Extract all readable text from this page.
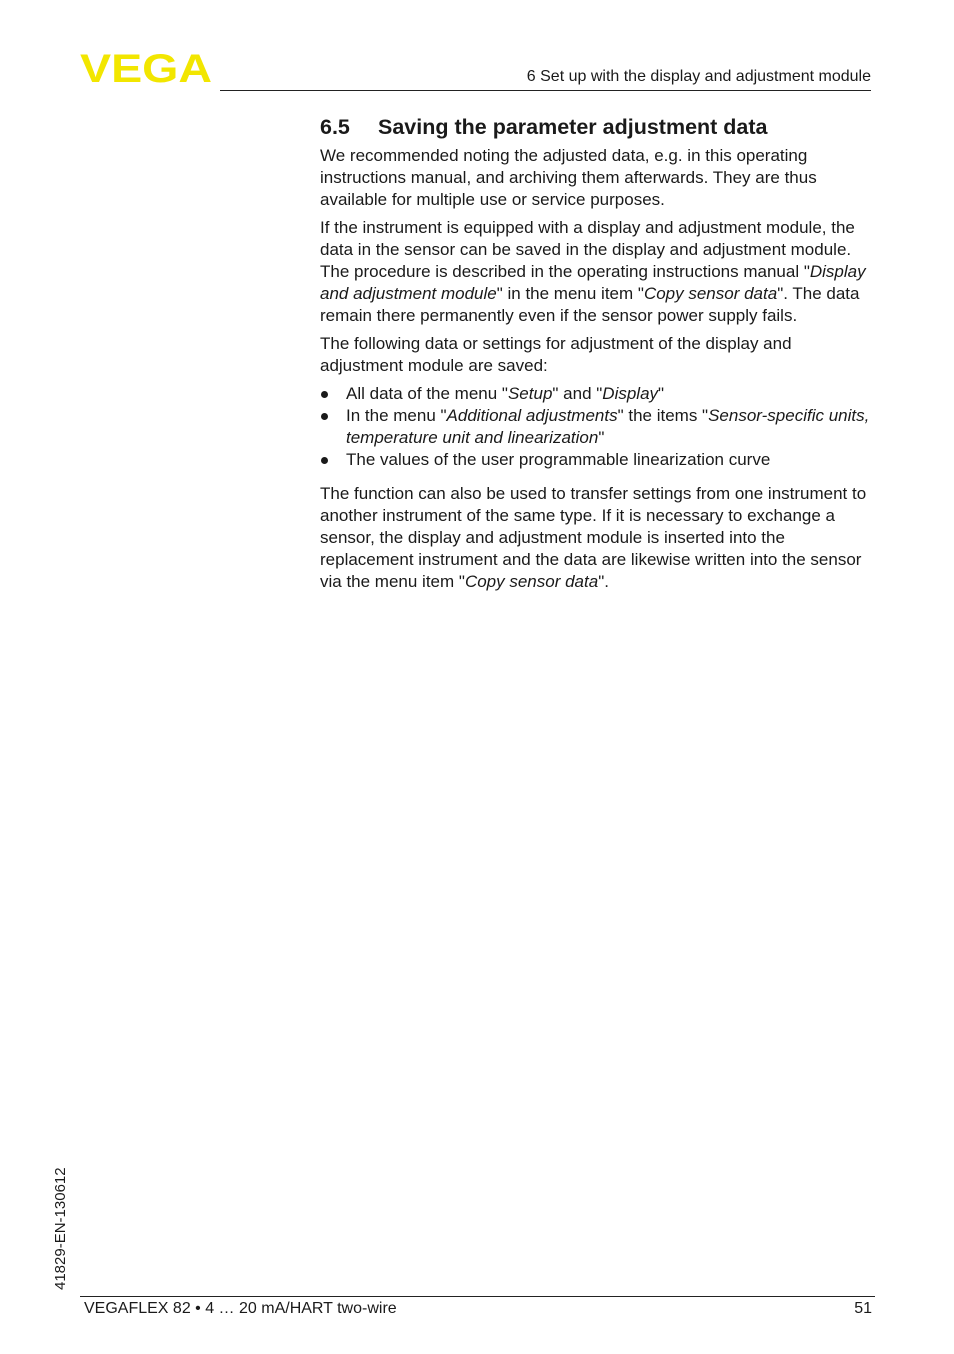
VEGA	6 Set up with the display and adjustment module
6.5 Saving the parameter adjustment data

We recommended noting the adjusted data, e.g. in this operating instructions manual, and archiving them afterwards. They are thus available for multiple use or service purposes.

If the instrument is equipped with a display and adjustment module, the data in the sensor can be saved in the display and adjustment module. The procedure is described in the operating instructions manual "Display and adjustment module" in the menu item "Copy sensor data". The data remain there permanently even if the sensor power supply fails.

The following data or settings for adjustment of the display and adjustment module are saved:

All data of the menu "Setup" and "Display"
In the menu "Additional adjustments" the items "Sensor-specific units, temperature unit and linearization"
The values of the user programmable linearization curve

The function can also be used to transfer settings from one instrument to another instrument of the same type. If it is necessary to exchange a sensor, the display and adjustment module is inserted into the replacement instrument and the data are likewise written into the sensor via the menu item "Copy sensor data".

41829-EN-130612
VEGAFLEX 82 • 4 … 20 mA/HART two-wire	51
